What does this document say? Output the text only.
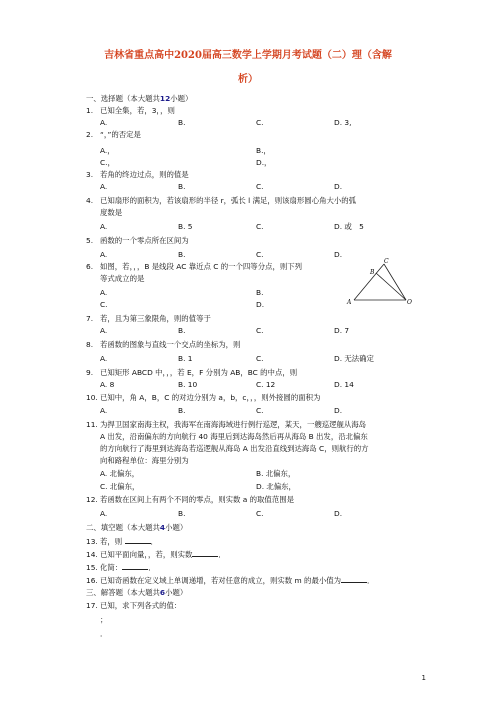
吉林省重点高中2020届高三数学上学期月考试题（二）理（含解
析）
一、选择题（本大题共12小题）
1. 已知全集，若，3，，则
A.	B.	C.	D. 3,
2. “，”的否定是
A.，	B.，
C.，	D.，
3. 若角的终边过点，则的值是
A.	B.	C.	D.
4. 已知扇形的面积为，若该扇形的半径 r，弧长 l 满足，则该扇形圆心角大小的弧
度数是
A.	B. 5	C.	D. 或　5
5. 函数的一个零点所在区间为
A.	B.	C.	D.
6. 如图，若，，，B 是线段 AC 靠近点 C 的一个四等分点，则下列
等式成立的是
A.	B.
C.	D.
C
B
A	O
7. 若，且为第三象限角，则的值等于
A.	B.	C.	D. 7
8. 若函数的图象与直线一个交点的坐标为，则
A.	B. 1	C.	D. 无法确定
9. 已知矩形 ABCD 中，，，若 E，F 分别为 AB，BC 的中点，则
A. 8	B. 10	C. 12	D. 14
10. 已知中，角 A，B，C 的对边分别为 a，b，c，，，则外接圆的面积为
A.	B.	C.	D.
11. 为捍卫国家南海主权，我海军在南海海域进行例行巡逻，某天，一艘巡逻舰从海岛
A 出发，沿南偏东的方向航行 40 海里后到达海岛然后再从海岛 B 出发，沿北偏东
的方向航行了海里到达海岛若巡逻舰从海岛 A 出发沿直线到达海岛 C，则航行的方
向和路程单位：海里分别为
A. 北偏东，	B. 北偏东，
C. 北偏东，	D. 北偏东，
12. 若函数在区间上有两个不同的零点，则实数 a 的取值范围是
A.	B.	C.	D.
二、填空题（本大题共4小题）
13. 若，则	．
14. 已知平面向量，，若，则实数	．
15. 化简：	．
16. 已知奇函数在定义域上单调递增，若对任意的成立，则实数 m 的最小值为	．
三、解答题（本大题共6小题）
17. 已知，求下列各式的值：
；
．
1
